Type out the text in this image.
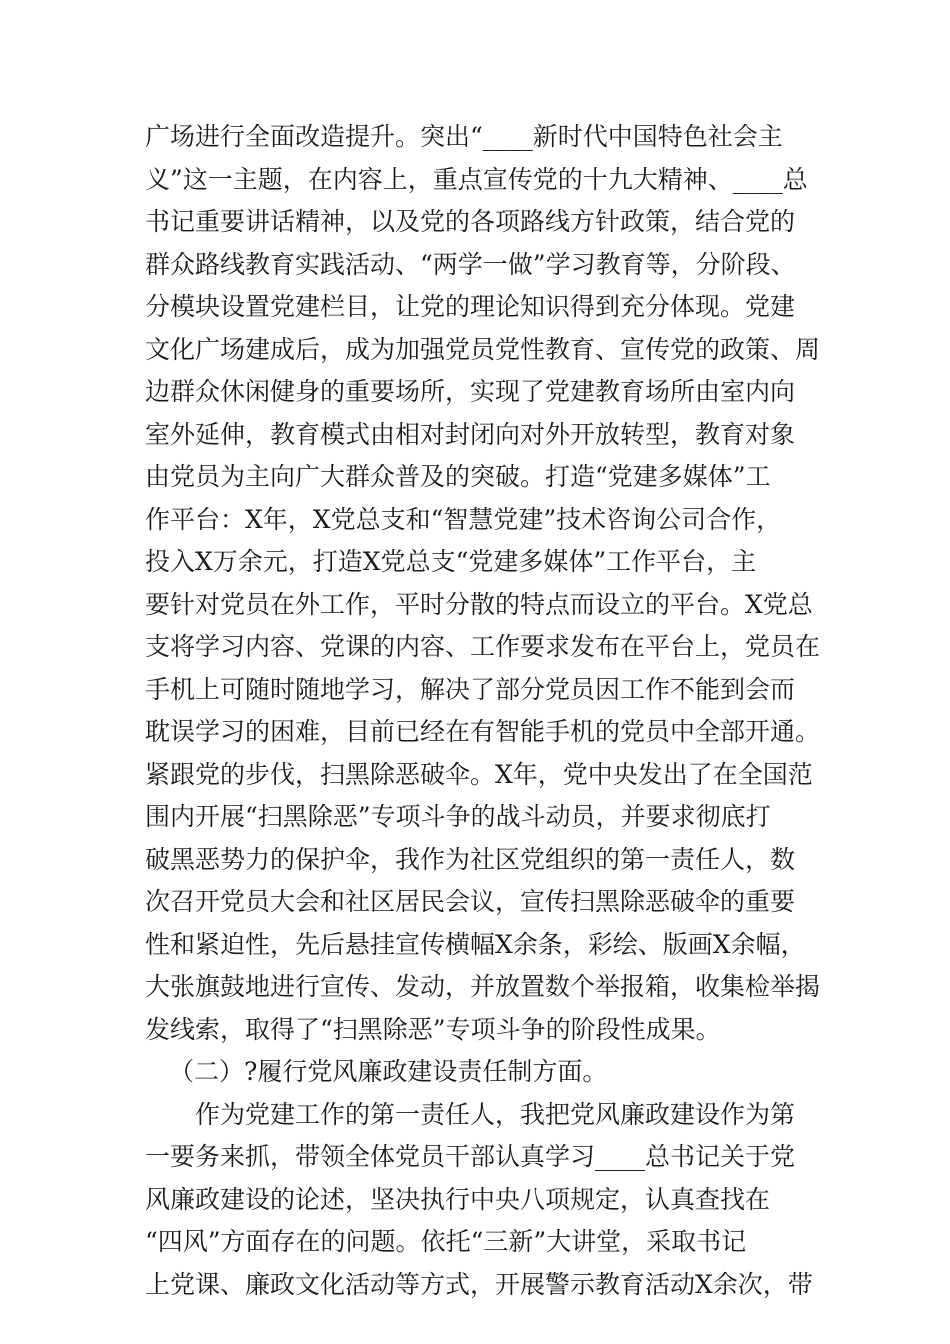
广场进行全面改造提升。突出“____新时代中国特色社会主
义”这一主题，在内容上，重点宣传党的十九大精神、____总
书记重要讲话精神，以及党的各项路线方针政策，结合党的
群众路线教育实践活动、“两学一做”学习教育等，分阶段、
分模块设置党建栏目，让党的理论知识得到充分体现。党建
文化广场建成后，成为加强党员党性教育、宣传党的政策、周
边群众休闲健身的重要场所，实现了党建教育场所由室内向
室外延伸，教育模式由相对封闭向对外开放转型，教育对象
由党员为主向广大群众普及的突破。打造“党建多媒体”工
作平台：X年，X党总支和“智慧党建”技术咨询公司合作，
投入X万余元，打造X党总支“党建多媒体”工作平台，主
要针对党员在外工作，平时分散的特点而设立的平台。X党总
支将学习内容、党课的内容、工作要求发布在平台上，党员在
手机上可随时随地学习，解决了部分党员因工作不能到会而
耽误学习的困难，目前已经在有智能手机的党员中全部开通。
紧跟党的步伐，扫黑除恶破伞。X年，党中央发出了在全国范
围内开展“扫黑除恶”专项斗争的战斗动员，并要求彻底打
破黑恶势力的保护伞，我作为社区党组织的第一责任人，数
次召开党员大会和社区居民会议，宣传扫黑除恶破伞的重要
性和紧迫性，先后悬挂宣传横幅X余条，彩绘、版画X余幅，
大张旗鼓地进行宣传、发动，并放置数个举报箱，收集检举揭
发线索，取得了“扫黑除恶”专项斗争的阶段性成果。
（二）?履行党风廉政建设责任制方面。
作为党建工作的第一责任人，我把党风廉政建设作为第
一要务来抓，带领全体党员干部认真学习____总书记关于党
风廉政建设的论述，坚决执行中央八项规定，认真查找在
“四风”方面存在的问题。依托“三新”大讲堂，采取书记
上党课、廉政文化活动等方式，开展警示教育活动X余次，带
